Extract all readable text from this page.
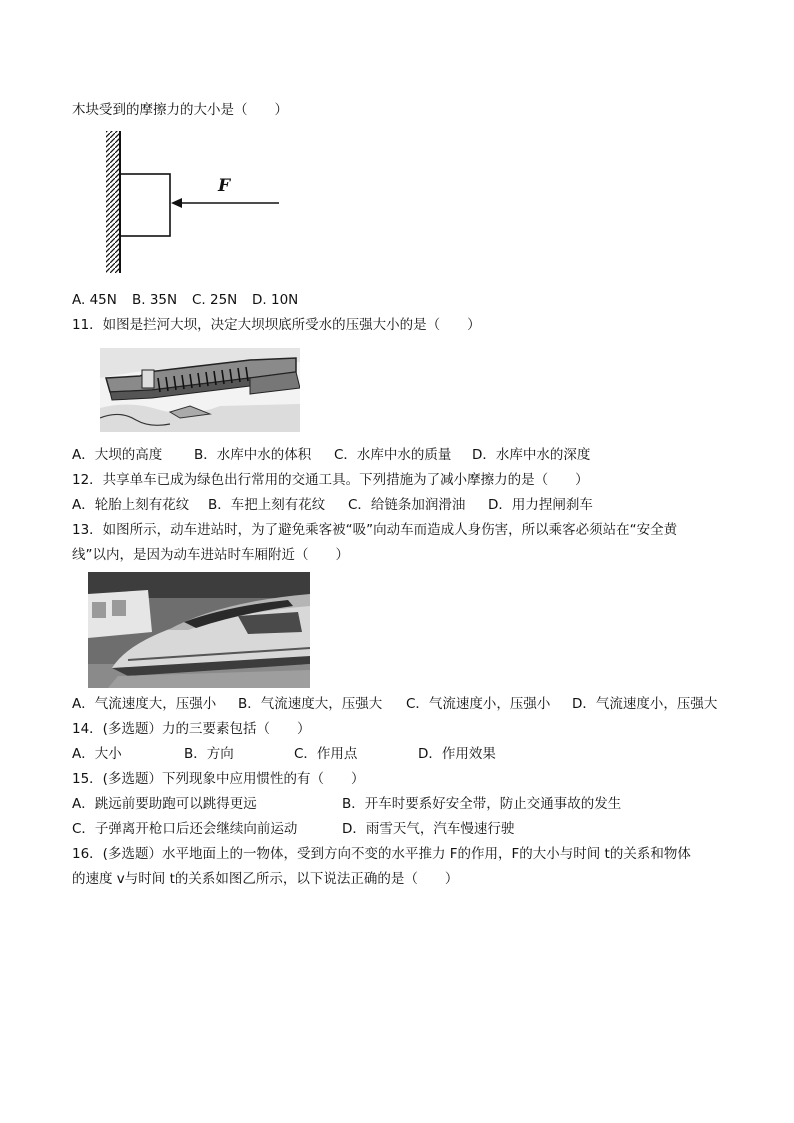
木块受到的摩擦力的大小是（　　）
F
A. 45N B. 35N C. 25N D. 10N
11．如图是拦河大坝，决定大坝坝底所受水的压强大小的是（　　）
A．大坝的高度 B．水库中水的体积 C．水库中水的质量 D．水库中水的深度
12．共享单车已成为绿色出行常用的交通工具。下列措施为了减小摩擦力的是（　　）
A．轮胎上刻有花纹 B．车把上刻有花纹 C．给链条加润滑油 D．用力捏闸刹车
13．如图所示，动车进站时，为了避免乘客被“吸”向动车而造成人身伤害，所以乘客必须站在“安全黄
线”以内，是因为动车进站时车厢附近（　　）
A．气流速度大，压强小 B．气流速度大，压强大 C．气流速度小，压强小 D．气流速度小，压强大
14．(多选题）力的三要素包括（　　）
A．大小	B．方向	C．作用点	D．作用效果
15．(多选题）下列现象中应用惯性的有（　　）
A．跳远前要助跑可以跳得更远	B．开车时要系好安全带，防止交通事故的发生
C．子弹离开枪口后还会继续向前运动	D．雨雪天气，汽车慢速行驶
16．(多选题）水平地面上的一物体，受到方向不变的水平推力 F的作用，F的大小与时间 t的关系和物体
的速度 v与时间 t的关系如图乙所示，以下说法正确的是（　　）
